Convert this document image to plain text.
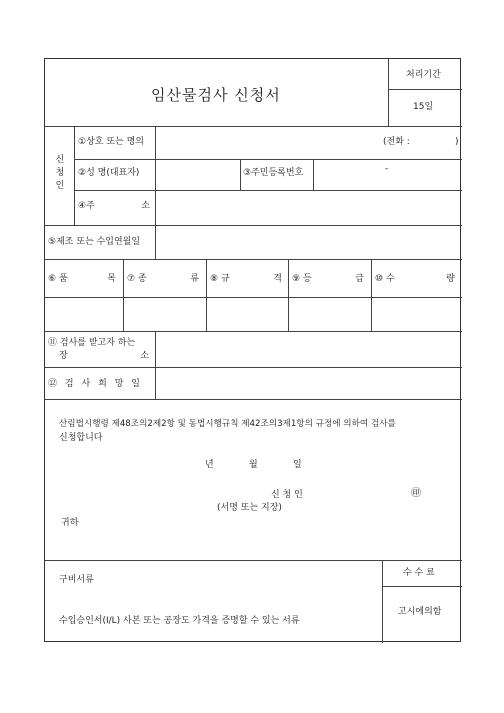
임산물검사 신청서
처리기간
15일
신
청
인
①상호 또는 명의	(전화 :	)
②성 명(대표자)	③주민등록번호	-
④주	소
⑤제조 또는 수입연월일
⑥ 품	목 ⑦ 종	류 ⑧ 규	격 ⑨ 등	급 ⑩ 수	량
⑪ 검사를 받고자 하는
장	소
⑫ 검 사 희 망 일
산림법시행령 제48조의2제2항 및 동법시행규칙 제42조의3제1항의 규정에 의하여 검사를
신청합니다
년	월	일
신 청 인	㊞
(서명 또는 지장)
귀하
구비서류
수입승인서(I/L) 사본 또는 공장도 가격을 증명할 수 있는 서류
수 수 료
고시에의함
